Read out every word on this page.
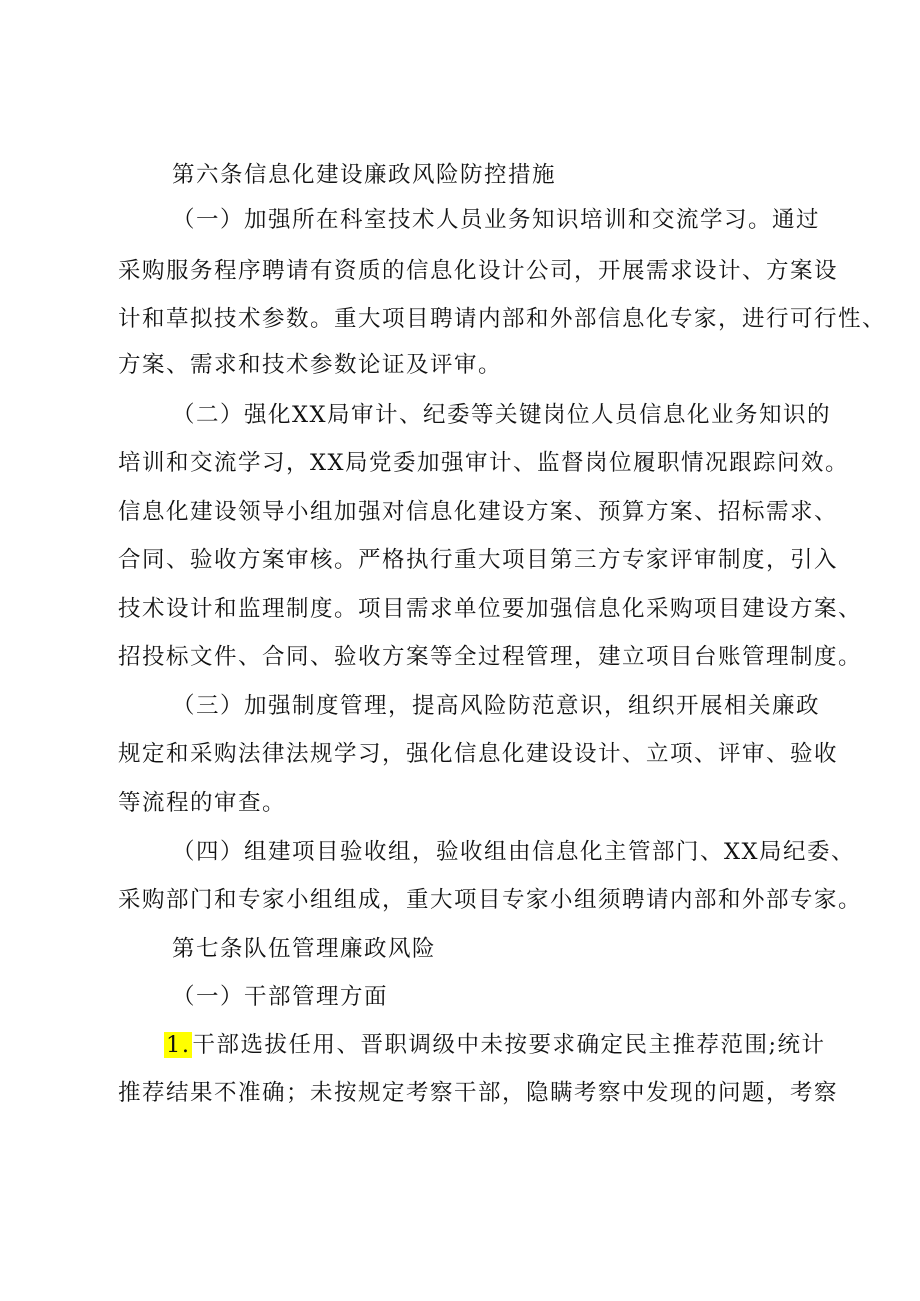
第六条信息化建设廉政风险防控措施
（一）加强所在科室技术人员业务知识培训和交流学习。通过
采购服务程序聘请有资质的信息化设计公司，开展需求设计、方案设
计和草拟技术参数。重大项目聘请内部和外部信息化专家，进行可行性、
方案、需求和技术参数论证及评审。
（二）强化XX局审计、纪委等关键岗位人员信息化业务知识的
培训和交流学习，XX局党委加强审计、监督岗位履职情况跟踪问效。
信息化建设领导小组加强对信息化建设方案、预算方案、招标需求、
合同、验收方案审核。严格执行重大项目第三方专家评审制度，引入
技术设计和监理制度。项目需求单位要加强信息化采购项目建设方案、
招投标文件、合同、验收方案等全过程管理，建立项目台账管理制度。
（三）加强制度管理，提高风险防范意识，组织开展相关廉政
规定和采购法律法规学习，强化信息化建设设计、立项、评审、验收
等流程的审查。
（四）组建项目验收组，验收组由信息化主管部门、XX局纪委、
采购部门和专家小组组成，重大项目专家小组须聘请内部和外部专家。
第七条队伍管理廉政风险
（一）干部管理方面
1.干部选拔任用、晋职调级中未按要求确定民主推荐范围;统计
推荐结果不准确；未按规定考察干部，隐瞒考察中发现的问题，考察
